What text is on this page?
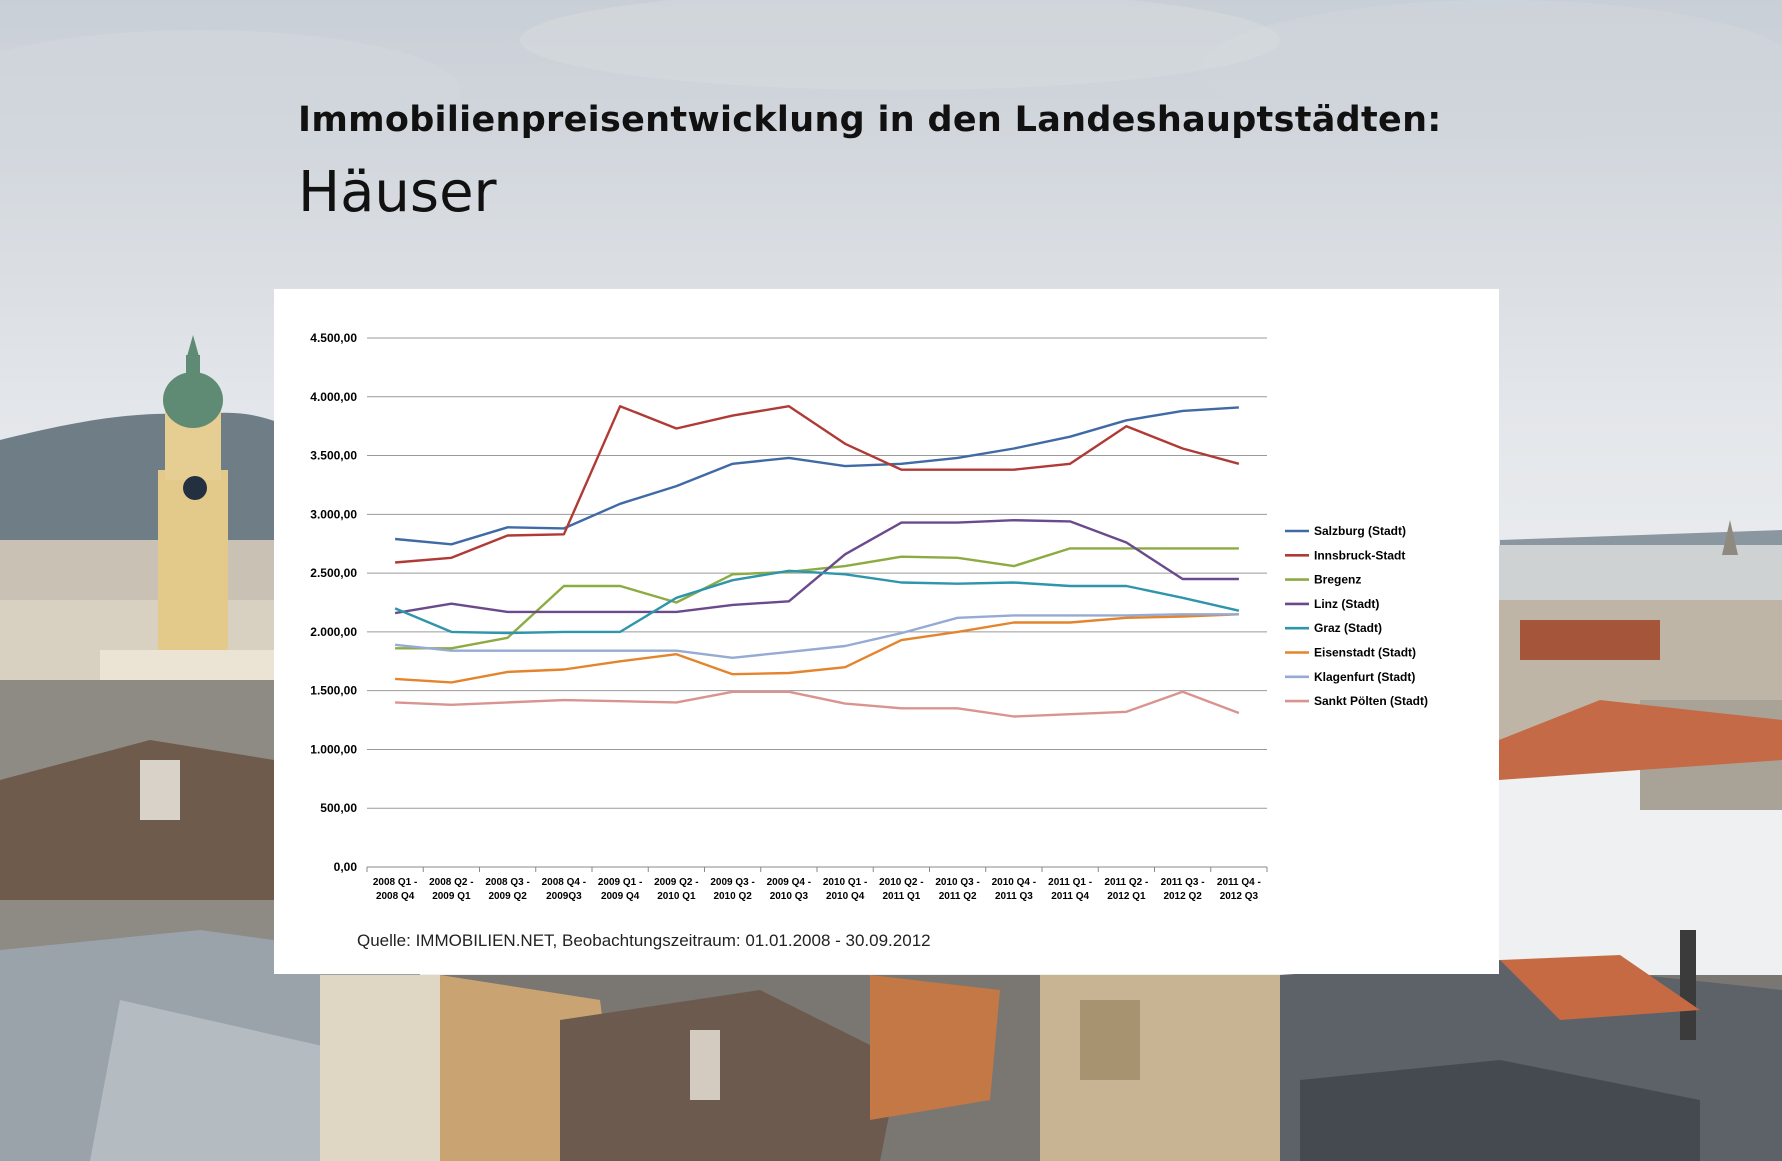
Immobilienpreisentwicklung in den Landeshauptstädten:
Häuser
0,00
500,00
1.000,00
1.500,00
2.000,00
2.500,00
3.000,00
3.500,00
4.000,00
4.500,00
2008 Q1 -2008 Q4
2008 Q2 -2009 Q1
2008 Q3 -2009 Q2
2008 Q4 -2009Q3
2009 Q1 -2009 Q4
2009 Q2 -2010 Q1
2009 Q3 -2010 Q2
2009 Q4 -2010 Q3
2010 Q1 -2010 Q4
2010 Q2 -2011 Q1
2010 Q3 -2011 Q2
2010 Q4 -2011 Q3
2011 Q1 -2011 Q4
2011 Q2 -2012 Q1
2011 Q3 -2012 Q2
2011 Q4 -2012 Q3
Salzburg (Stadt)
Innsbruck-Stadt
Bregenz
Linz (Stadt)
Graz (Stadt)
Eisenstadt (Stadt)
Klagenfurt (Stadt)
Sankt Pölten (Stadt)
Quelle: IMMOBILIEN.NET, Beobachtungszeitraum: 01.01.2008 - 30.09.2012
